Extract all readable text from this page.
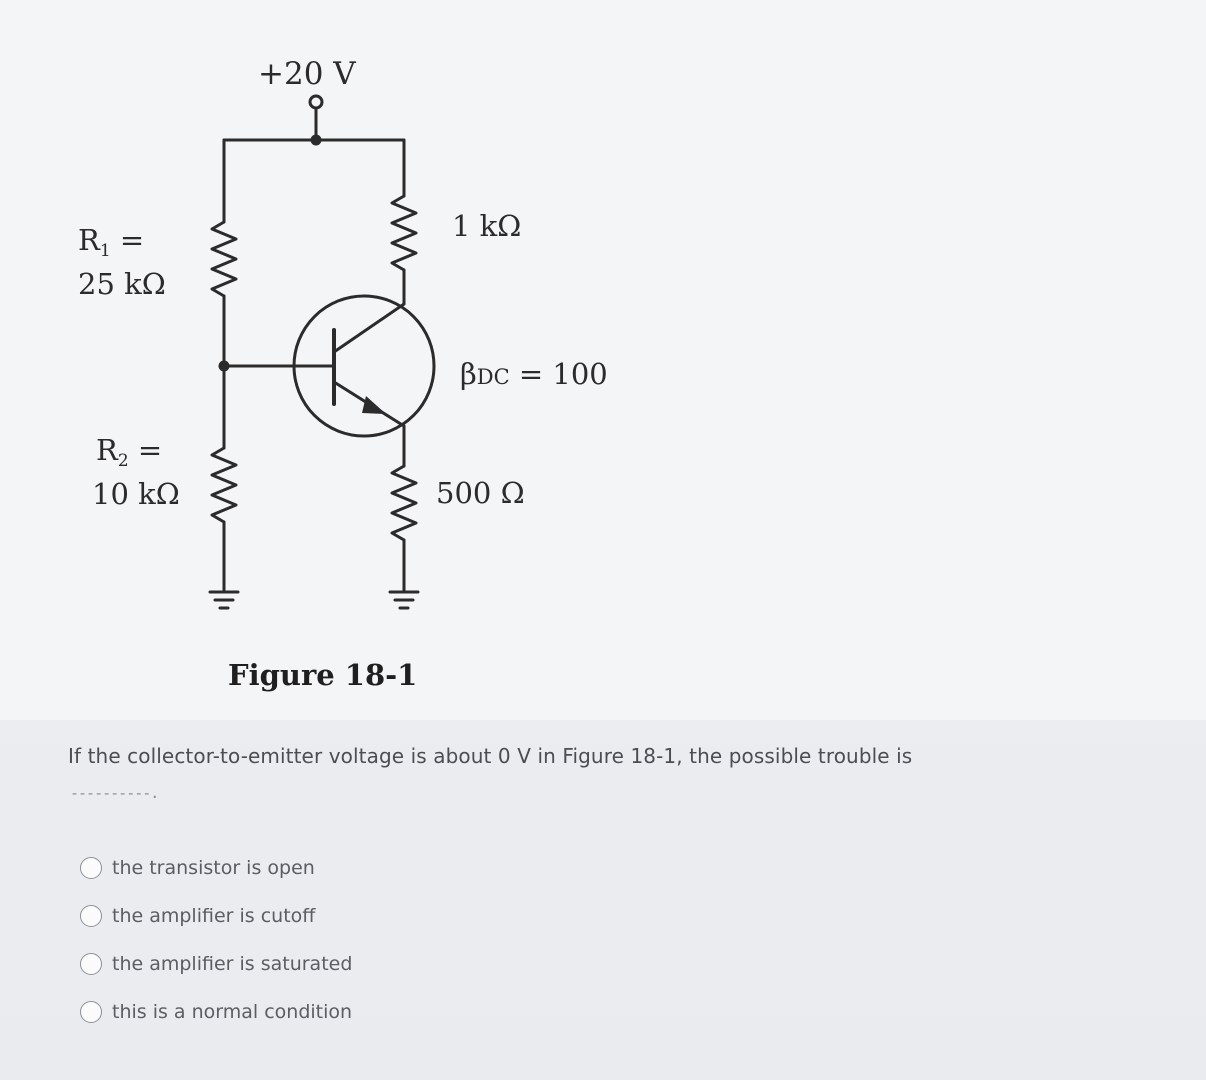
+20 V
$R_1$ =
25 kΩ
$R_2$ =
10 kΩ
1 kΩ
βDC = 100
500 Ω
Figure 18-1
If the collector-to-emitter voltage is about 0 V in Figure 18-1, the possible trouble is
----------.
the transistor is open
the amplifier is cutoff
the amplifier is saturated
this is a normal condition
